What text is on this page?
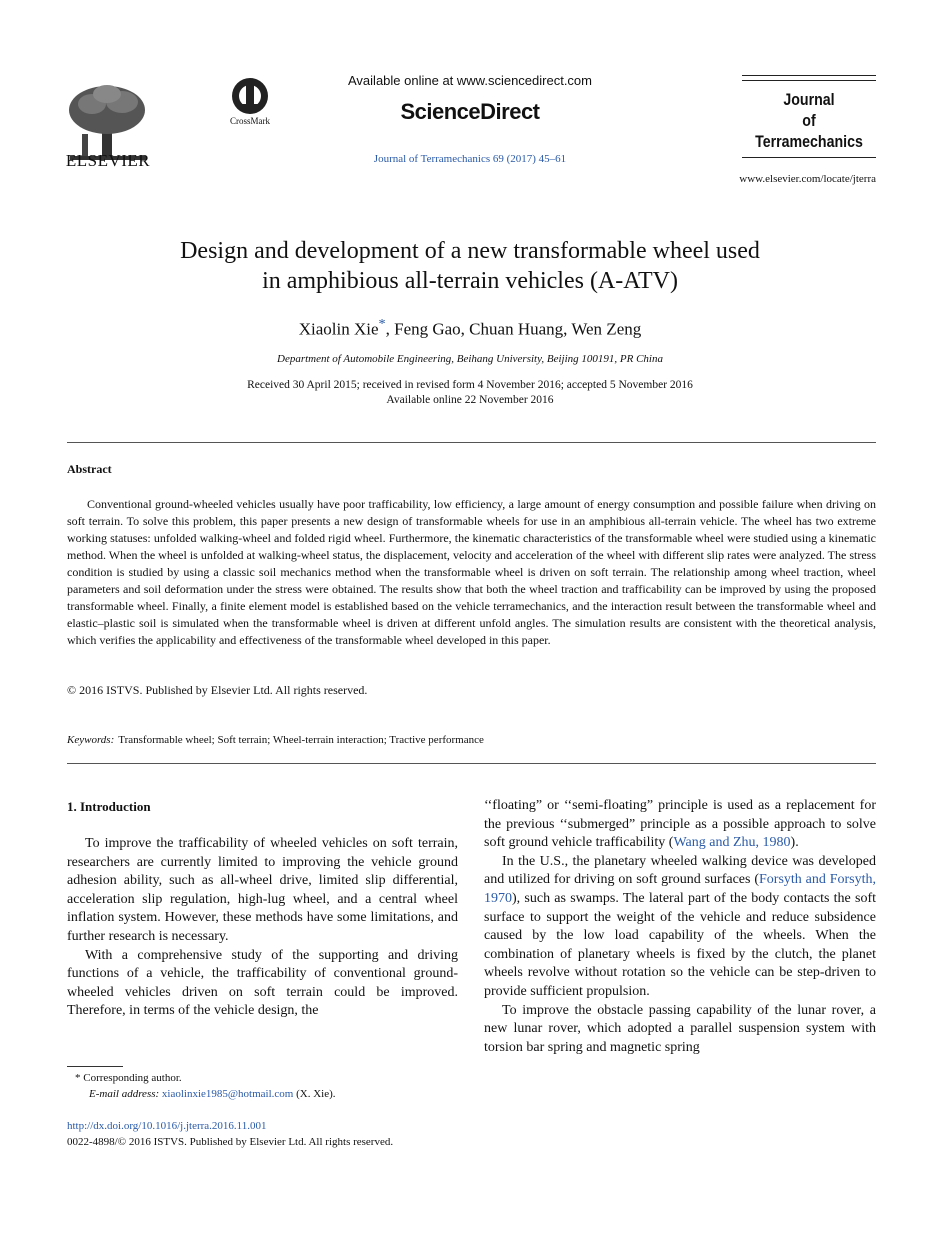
ELSEVIER
CrossMark
Available online at www.sciencedirect.com
ScienceDirect
Journal of Terramechanics 69 (2017) 45–61
Journal
of
Terramechanics
www.elsevier.com/locate/jterra
Design and development of a new transformable wheel used
in amphibious all-terrain vehicles (A-ATV)
Xiaolin Xie*, Feng Gao, Chuan Huang, Wen Zeng
Department of Automobile Engineering, Beihang University, Beijing 100191, PR China
Received 30 April 2015; received in revised form 4 November 2016; accepted 5 November 2016
Available online 22 November 2016
Abstract
Conventional ground-wheeled vehicles usually have poor trafficability, low efficiency, a large amount of energy consumption and possible failure when driving on soft terrain. To solve this problem, this paper presents a new design of transformable wheels for use in an amphibious all-terrain vehicle. The wheel has two extreme working statuses: unfolded walking-wheel and folded rigid wheel. Furthermore, the kinematic characteristics of the transformable wheel were studied using a kinematic method. When the wheel is unfolded at walking-wheel status, the displacement, velocity and acceleration of the wheel with different slip rates were analyzed. The stress condition is studied by using a classic soil mechanics method when the transformable wheel is driven on soft terrain. The relationship among wheel traction, wheel parameters and soil deformation under the stress were obtained. The results show that both the wheel traction and trafficability can be improved by using the proposed transformable wheel. Finally, a finite element model is established based on the vehicle terramechanics, and the interaction result between the transformable wheel and elastic–plastic soil is simulated when the transformable wheel is driven at different unfold angles. The simulation results are consistent with the theoretical analysis, which verifies the applicability and effectiveness of the transformable wheel developed in this paper.
© 2016 ISTVS. Published by Elsevier Ltd. All rights reserved.
Keywords: Transformable wheel; Soft terrain; Wheel-terrain interaction; Tractive performance
1. Introduction

To improve the trafficability of wheeled vehicles on soft terrain, researchers are currently limited to improving the vehicle ground adhesion ability, such as all-wheel drive, limited slip differential, acceleration slip regulation, high-lug wheel, and a central wheel inflation system. However, these methods have some limitations, and further research is necessary.

With a comprehensive study of the supporting and driving functions of a vehicle, the trafficability of conventional ground-wheeled vehicles driven on soft terrain could be improved. Therefore, in terms of the vehicle design, the

‘‘floating” or ‘‘semi-floating” principle is used as a replacement for the previous ‘‘submerged” principle as a possible approach to solve soft ground vehicle trafficability (Wang and Zhu, 1980).

In the U.S., the planetary wheeled walking device was developed and utilized for driving on soft ground surfaces (Forsyth and Forsyth, 1970), such as swamps. The lateral part of the body contacts the soft surface to support the weight of the vehicle and reduce subsidence caused by the low load capability of the wheels. When the combination of planetary wheels is fixed by the clutch, the planet wheels revolve without rotation so the vehicle can be step-driven to provide sufficient propulsion.

To improve the obstacle passing capability of the lunar rover, a new lunar rover, which adopted a parallel suspension system with torsion bar spring and magnetic spring

* Corresponding author.
E-mail address: xiaolinxie1985@hotmail.com (X. Xie).
http://dx.doi.org/10.1016/j.jterra.2016.11.001
0022-4898/© 2016 ISTVS. Published by Elsevier Ltd. All rights reserved.
